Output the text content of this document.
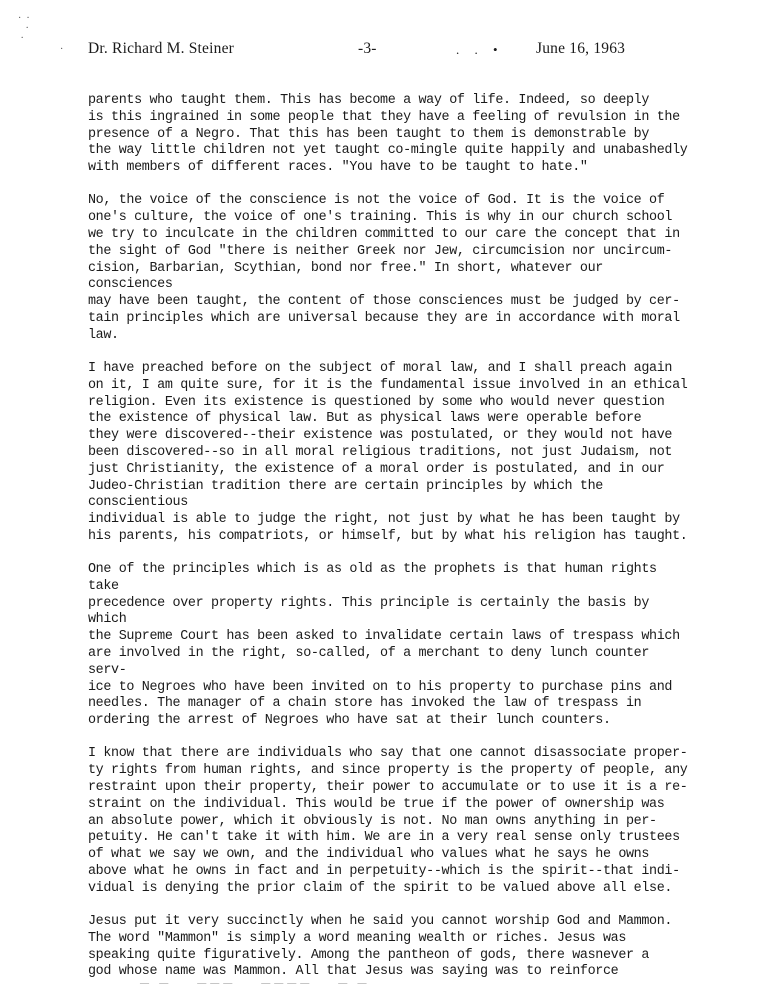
·  ·
·
·
· Dr. Richard M. Steiner	-3-	. . • June 16, 1963

parents who taught them. This has become a way of life. Indeed, so deeply
is this ingrained in some people that they have a feeling of revulsion in the
presence of a Negro. That this has been taught to them is demonstrable by
the way little children not yet taught co-mingle quite happily and unabashedly
with members of different races. "You have to be taught to hate."

No, the voice of the conscience is not the voice of God. It is the voice of
one's culture, the voice of one's training. This is why in our church school
we try to inculcate in the children committed to our care the concept that in
the sight of God "there is neither Greek nor Jew, circumcision nor uncircum-
cision, Barbarian, Scythian, bond nor free." In short, whatever our consciences
may have been taught, the content of those consciences must be judged by cer-
tain principles which are universal because they are in accordance with moral
law.

I have preached before on the subject of moral law, and I shall preach again
on it, I am quite sure, for it is the fundamental issue involved in an ethical
religion. Even its existence is questioned by some who would never question
the existence of physical law. But as physical laws were operable before
they were discovered--their existence was postulated, or they would not have
been discovered--so in all moral religious traditions, not just Judaism, not
just Christianity, the existence of a moral order is postulated, and in our
Judeo-Christian tradition there are certain principles by which the conscientious
individual is able to judge the right, not just by what he has been taught by
his parents, his compatriots, or himself, but by what his religion has taught.

One of the principles which is as old as the prophets is that human rights take
precedence over property rights. This principle is certainly the basis by which
the Supreme Court has been asked to invalidate certain laws of trespass which
are involved in the right, so-called, of a merchant to deny lunch counter serv-
ice to Negroes who have been invited on to his property to purchase pins and
needles. The manager of a chain store has invoked the law of trespass in
ordering the arrest of Negroes who have sat at their lunch counters.

I know that there are individuals who say that one cannot disassociate proper-
ty rights from human rights, and since property is the property of people, any
restraint upon their property, their power to accumulate or to use it is a re-
straint on the individual. This would be true if the power of ownership was
an absolute power, which it obviously is not. No man owns anything in per-
petuity. He can't take it with him. We are in a very real sense only trustees
of what we say we own, and the individual who values what he says he owns
above what he owns in fact and in perpetuity--which is the spirit--that indi-
vidual is denying the prior claim of the spirit to be valued above all else.

Jesus put it very succinctly when he said you cannot worship God and Mammon.
The word "Mammon" is simply a word meaning wealth or riches. Jesus was
speaking quite figuratively. Among the pantheon of gods, there wasnever a
god whose name was Mammon. All that Jesus was saying was to reinforce

— —    ———    ————    — —
